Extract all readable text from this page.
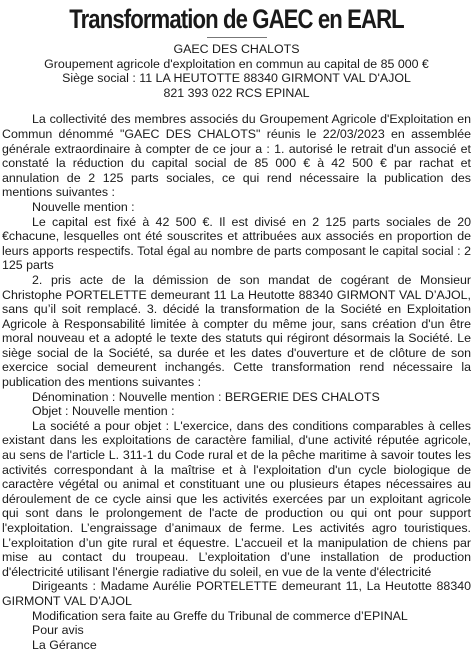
Transformation de GAEC en EARL
GAEC DES CHALOTS
Groupement agricole d'exploitation en commun au capital de 85 000 €
Siège social : 11 LA HEUTOTTE 88340 GIRMONT VAL D'AJOL
821 393 022 RCS EPINAL

La collectivité des membres associés du Groupement Agricole d'Exploitation en Commun dénommé "GAEC DES CHALOTS" réunis le 22/03/2023 en assemblée générale extraordinaire à compter de ce jour a : 1. autorisé le retrait d'un associé et constaté la réduction du capital social de 85 000 € à 42 500 € par rachat et annulation de 2 125 parts sociales, ce qui rend nécessaire la publication des mentions suivantes :

Nouvelle mention :

Le capital est fixé à 42 500 €. Il est divisé en 2 125 parts sociales de 20 €chacune, lesquelles ont été souscrites et attribuées aux associés en proportion de leurs apports respectifs. Total égal au nombre de parts composant le capital social : 2 125 parts

2. pris acte de la démission de son mandat de cogérant de Monsieur Christophe PORTELETTE demeurant 11 La Heutotte 88340 GIRMONT VAL D’AJOL, sans qu’il soit remplacé. 3. décidé la transformation de la Société en Exploitation Agricole à Responsabilité limitée à compter du même jour, sans création d'un être moral nouveau et a adopté le texte des statuts qui régiront désormais la Société. Le siège social de la Société, sa durée et les dates d'ouverture et de clôture de son exercice social demeurent inchangés. Cette transformation rend nécessaire la publication des mentions suivantes :

Dénomination : Nouvelle mention : BERGERIE DES CHALOTS

Objet : Nouvelle mention :

La société a pour objet : L'exercice, dans des conditions comparables à celles existant dans les exploitations de caractère familial, d'une activité réputée agricole, au sens de l'article L. 311-1 du Code rural et de la pêche maritime à savoir toutes les activités correspondant à la maîtrise et à l'exploitation d'un cycle biologique de caractère végétal ou animal et constituant une ou plusieurs étapes nécessaires au déroulement de ce cycle ainsi que les activités exercées par un exploitant agricole qui sont dans le prolongement de l'acte de production ou qui ont pour support l'exploitation. L’engraissage d’animaux de ferme. Les activités agro touristiques. L’exploitation d’un gite rural et équestre. L’accueil et la manipulation de chiens par mise au contact du troupeau. L’exploitation d’une installation de production d'électricité utilisant l'énergie radiative du soleil, en vue de la vente d'électricité

Dirigeants : Madame Aurélie PORTELETTE demeurant 11, La Heutotte 88340 GIRMONT VAL D’AJOL

Modification sera faite au Greffe du Tribunal de commerce d’EPINAL

Pour avis

La Gérance
